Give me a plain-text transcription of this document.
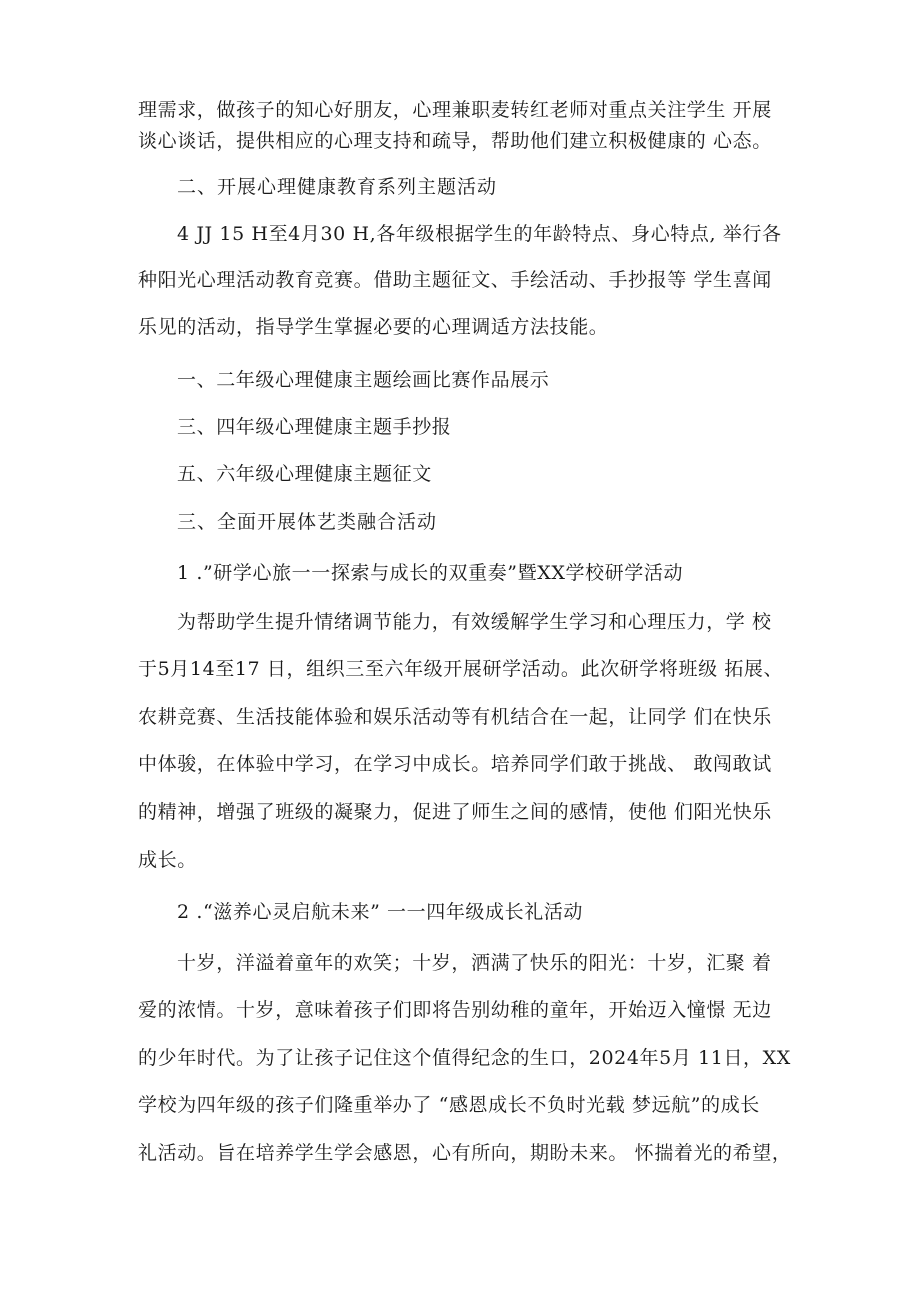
理需求，做孩子的知心好朋友，心理兼职麦转红老师对重点关注学生 开展
谈心谈话，提供相应的心理支持和疏导，帮助他们建立积极健康的 心态。
二、开展心理健康教育系列主题活动
4 JJ 15 H至4月30 H,各年级根据学生的年龄特点、身心特点, 举行各
种阳光心理活动教育竞赛。借助主题征文、手绘活动、手抄报等 学生喜闻
乐见的活动，指导学生掌握必要的心理调适方法技能。
一、二年级心理健康主题绘画比赛作品展示
三、四年级心理健康主题手抄报
五、六年级心理健康主题征文
三、全面开展体艺类融合活动
1 .”研学心旅一一探索与成长的双重奏”暨XX学校研学活动
为帮助学生提升情绪调节能力，有效缓解学生学习和心理压力，学 校
于5月14至17 日，组织三至六年级开展研学活动。此次研学将班级 拓展、
农耕竞赛、生活技能体验和娱乐活动等有机结合在一起，让同学 们在快乐
中体骏，在体验中学习，在学习中成长。培养同学们敢于挑战、 敢闯敢试
的精神，增强了班级的凝聚力，促进了师生之间的感情，使他 们阳光快乐
成长。
2 .“滋养心灵启航未来” 一一四年级成长礼活动
十岁，洋溢着童年的欢笑；十岁，洒满了快乐的阳光：十岁，汇聚 着
爱的浓情。十岁，意味着孩子们即将告别幼稚的童年，开始迈入憧憬 无边
的少年时代。为了让孩子记住这个值得纪念的生口，2024年5月 11日，XX
学校为四年级的孩子们隆重举办了 “感恩成长不负时光载 梦远航”的成长
礼活动。旨在培养学生学会感恩，心有所向，期盼未来。 怀揣着光的希望，
